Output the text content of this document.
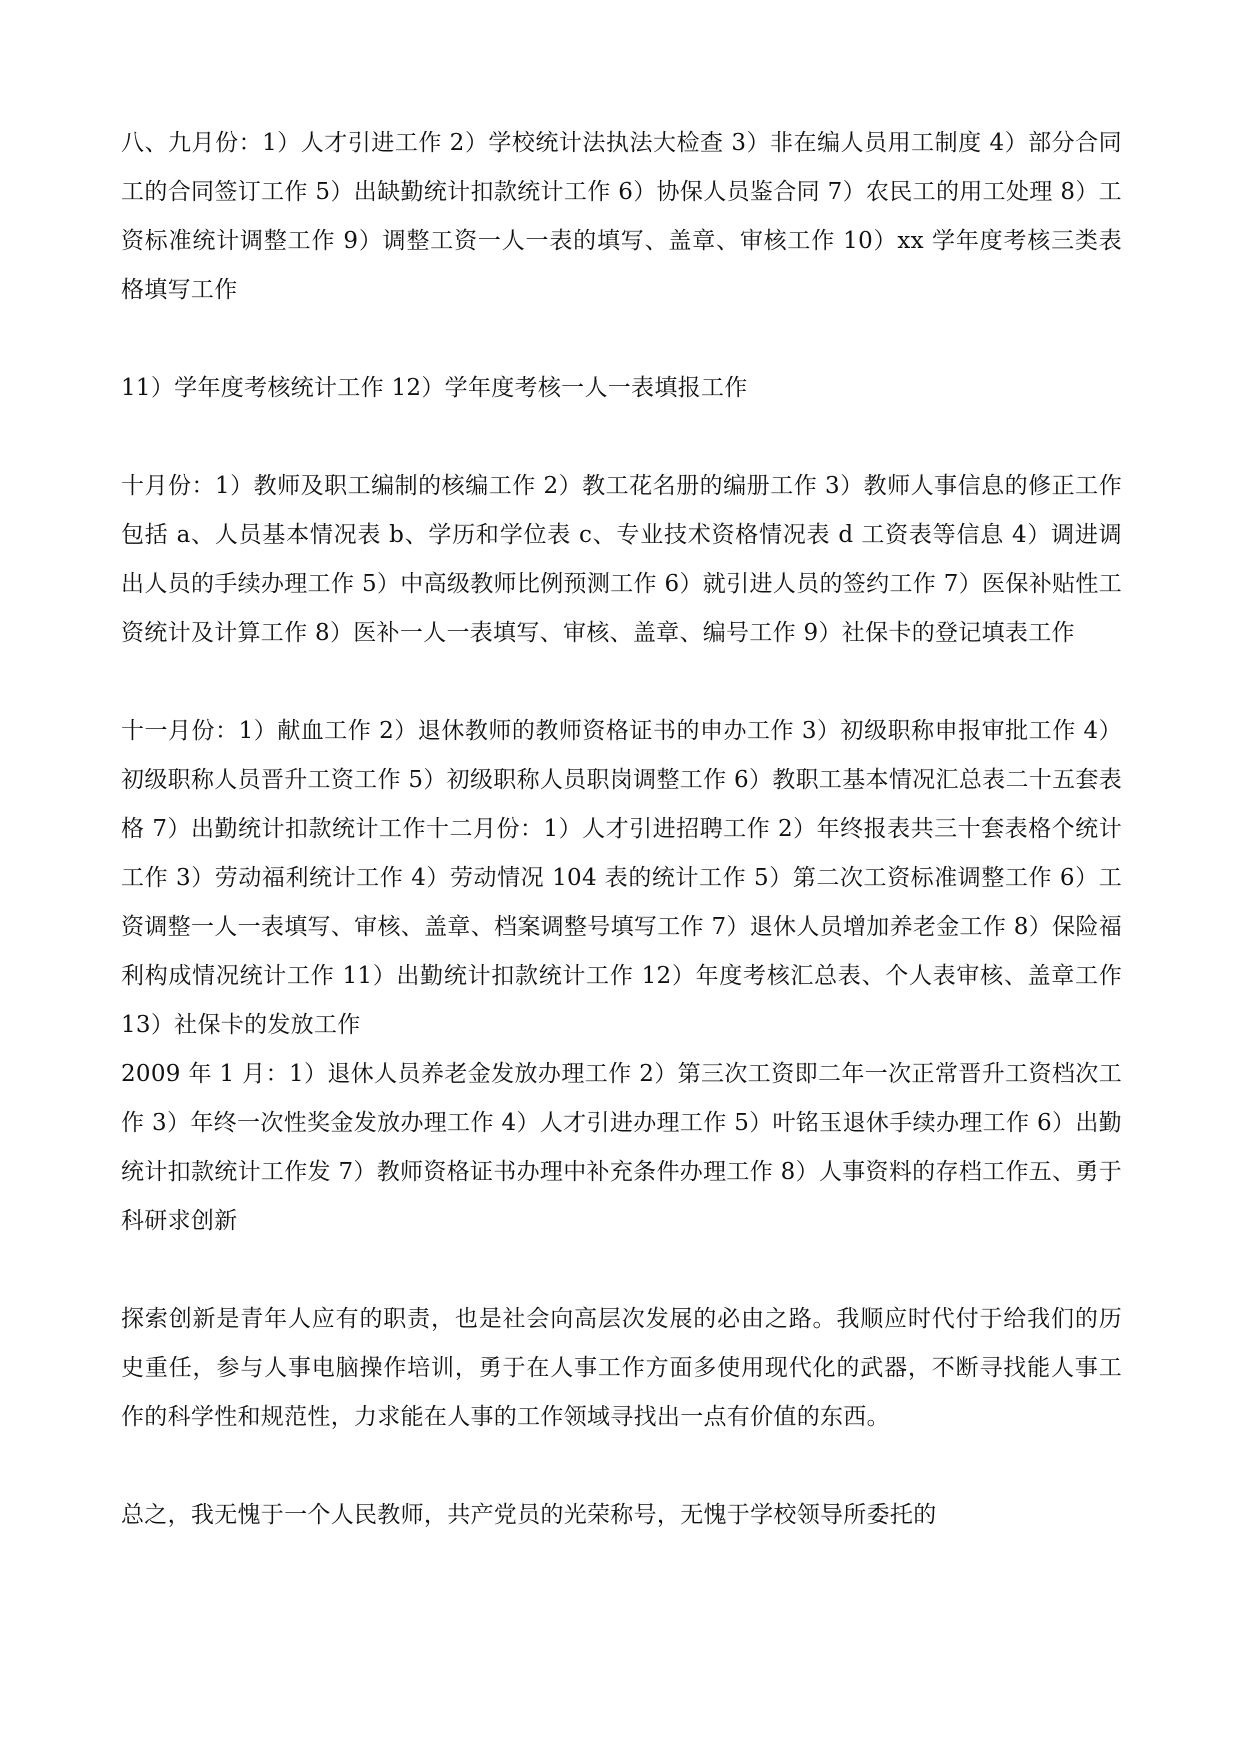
八、九月份：1）人才引进工作 2）学校统计法执法大检查 3）非在编人员用工制度 4）部分合同工的合同签订工作 5）出缺勤统计扣款统计工作 6）协保人员鉴合同 7）农民工的用工处理 8）工资标准统计调整工作 9）调整工资一人一表的填写、盖章、审核工作 10）xx 学年度考核三类表格填写工作

11）学年度考核统计工作 12）学年度考核一人一表填报工作

十月份：1）教师及职工编制的核编工作 2）教工花名册的编册工作 3）教师人事信息的修正工作包括 a、人员基本情况表 b、学历和学位表 c、专业技术资格情况表 d 工资表等信息 4）调进调出人员的手续办理工作 5）中高级教师比例预测工作 6）就引进人员的签约工作 7）医保补贴性工资统计及计算工作 8）医补一人一表填写、审核、盖章、编号工作 9）社保卡的登记填表工作

十一月份：1）献血工作 2）退休教师的教师资格证书的申办工作 3）初级职称申报审批工作 4）初级职称人员晋升工资工作 5）初级职称人员职岗调整工作 6）教职工基本情况汇总表二十五套表格 7）出勤统计扣款统计工作十二月份：1）人才引进招聘工作 2）年终报表共三十套表格个统计工作 3）劳动福利统计工作 4）劳动情况 104 表的统计工作 5）第二次工资标准调整工作 6）工资调整一人一表填写、审核、盖章、档案调整号填写工作 7）退休人员增加养老金工作 8）保险福利构成情况统计工作 11）出勤统计扣款统计工作 12）年度考核汇总表、个人表审核、盖章工作 13）社保卡的发放工作

2009 年 1 月：1）退休人员养老金发放办理工作 2）第三次工资即二年一次正常晋升工资档次工作 3）年终一次性奖金发放办理工作 4）人才引进办理工作 5）叶铭玉退休手续办理工作 6）出勤统计扣款统计工作发 7）教师资格证书办理中补充条件办理工作 8）人事资料的存档工作五、勇于科研求创新

探索创新是青年人应有的职责，也是社会向高层次发展的必由之路。我顺应时代付于给我们的历史重任，参与人事电脑操作培训，勇于在人事工作方面多使用现代化的武器，不断寻找能人事工作的科学性和规范性，力求能在人事的工作领域寻找出一点有价值的东西。

总之，我无愧于一个人民教师，共产党员的光荣称号，无愧于学校领导所委托的
